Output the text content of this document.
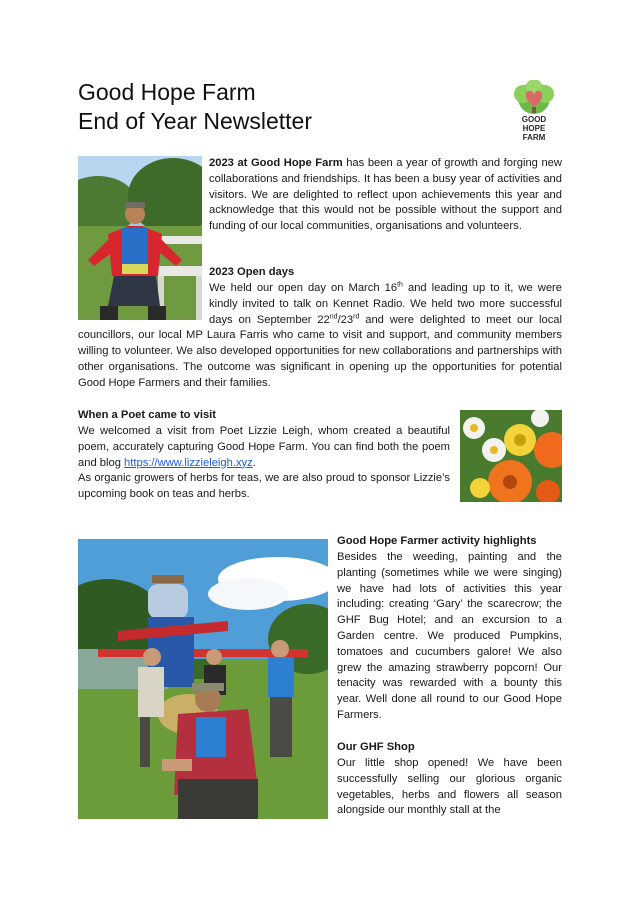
Good Hope Farm
End of Year Newsletter	GOOD
HOPE
FARM

2023 at Good Hope Farm has been a year of growth and forging new collaborations and friendships. It has been a busy year of activities and visitors. We are delighted to reflect upon achievements this year and acknowledge that this would not be possible without the support and funding of our local communities, organisations and volunteers.

2023 Open days

We held our open day on March 16th and leading up to it, we were kindly invited to talk on Kennet Radio. We held two more successful days on September 22nd/23rd and were delighted to meet our local councillors, our local MP Laura Farris who came to visit and support, and community members willing to volunteer. We also developed opportunities for new collaborations and partnerships with other organisations. The outcome was significant in opening up the opportunities for potential Good Hope Farmers and their families.

When a Poet came to visit

We welcomed a visit from Poet Lizzie Leigh, whom created a beautiful poem, accurately capturing Good Hope Farm. You can find both the poem and blog https://www.lizzieleigh.xyz.

As organic growers of herbs for teas, we are also proud to sponsor Lizzie’s upcoming book on teas and herbs.

Good Hope Farmer activity highlights

Besides the weeding, painting and the planting (sometimes while we were singing) we have had lots of activities this year including: creating ‘Gary’ the scarecrow; the GHF Bug Hotel; and an excursion to a Garden centre. We produced Pumpkins, tomatoes and cucumbers galore! We also grew the amazing strawberry popcorn! Our tenacity was rewarded with a bounty this year. Well done all round to our Good Hope Farmers.

Our GHF Shop

Our little shop opened! We have been successfully selling our glorious organic vegetables, herbs and flowers all season alongside our monthly stall at the
